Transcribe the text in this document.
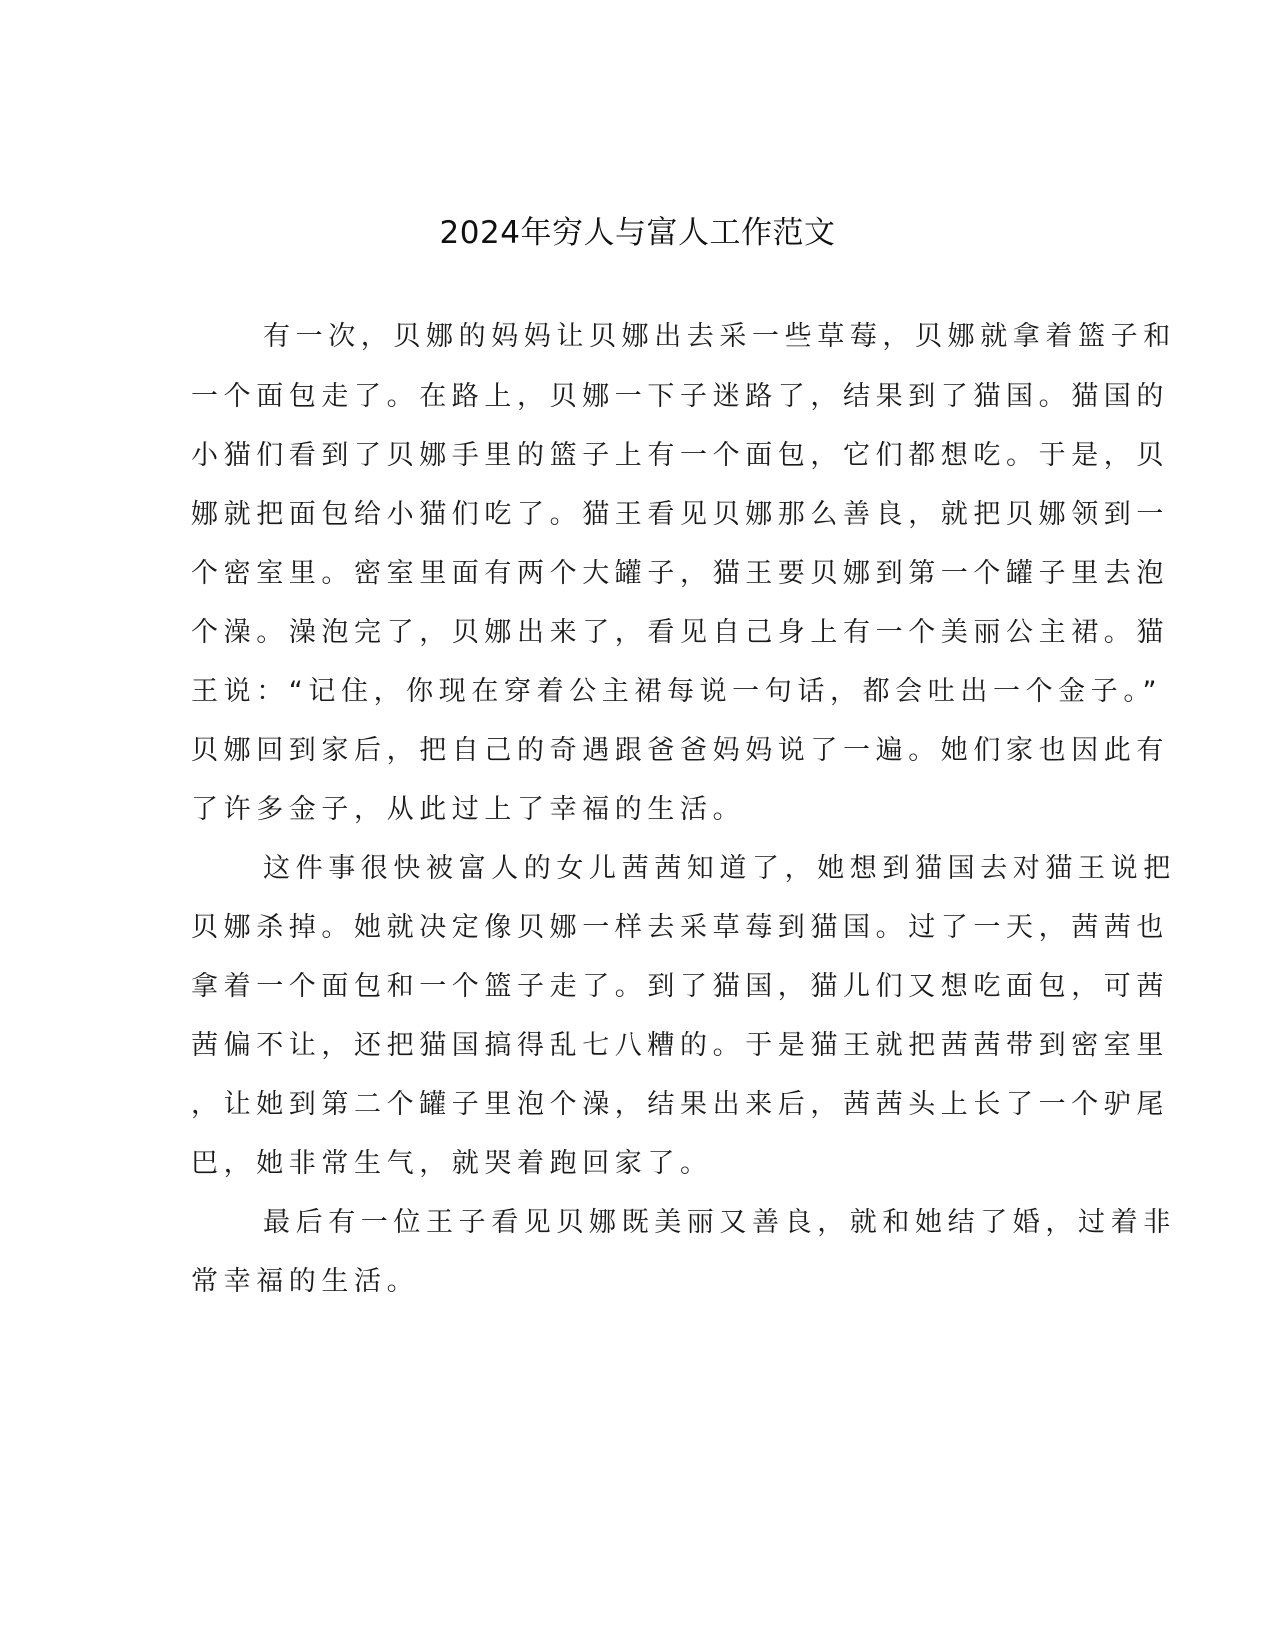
2024年穷人与富人工作范文
有一次，贝娜的妈妈让贝娜出去采一些草莓，贝娜就拿着篮子和
一个面包走了。在路上，贝娜一下子迷路了，结果到了猫国。猫国的
小猫们看到了贝娜手里的篮子上有一个面包，它们都想吃。于是，贝
娜就把面包给小猫们吃了。猫王看见贝娜那么善良，就把贝娜领到一
个密室里。密室里面有两个大罐子，猫王要贝娜到第一个罐子里去泡
个澡。澡泡完了，贝娜出来了，看见自己身上有一个美丽公主裙。猫
王说：“记住，你现在穿着公主裙每说一句话，都会吐出一个金子。”
贝娜回到家后，把自己的奇遇跟爸爸妈妈说了一遍。她们家也因此有
了许多金子，从此过上了幸福的生活。
这件事很快被富人的女儿茜茜知道了，她想到猫国去对猫王说把
贝娜杀掉。她就决定像贝娜一样去采草莓到猫国。过了一天，茜茜也
拿着一个面包和一个篮子走了。到了猫国，猫儿们又想吃面包，可茜
茜偏不让，还把猫国搞得乱七八糟的。于是猫王就把茜茜带到密室里
，让她到第二个罐子里泡个澡，结果出来后，茜茜头上长了一个驴尾
巴，她非常生气，就哭着跑回家了。
最后有一位王子看见贝娜既美丽又善良，就和她结了婚，过着非
常幸福的生活。
